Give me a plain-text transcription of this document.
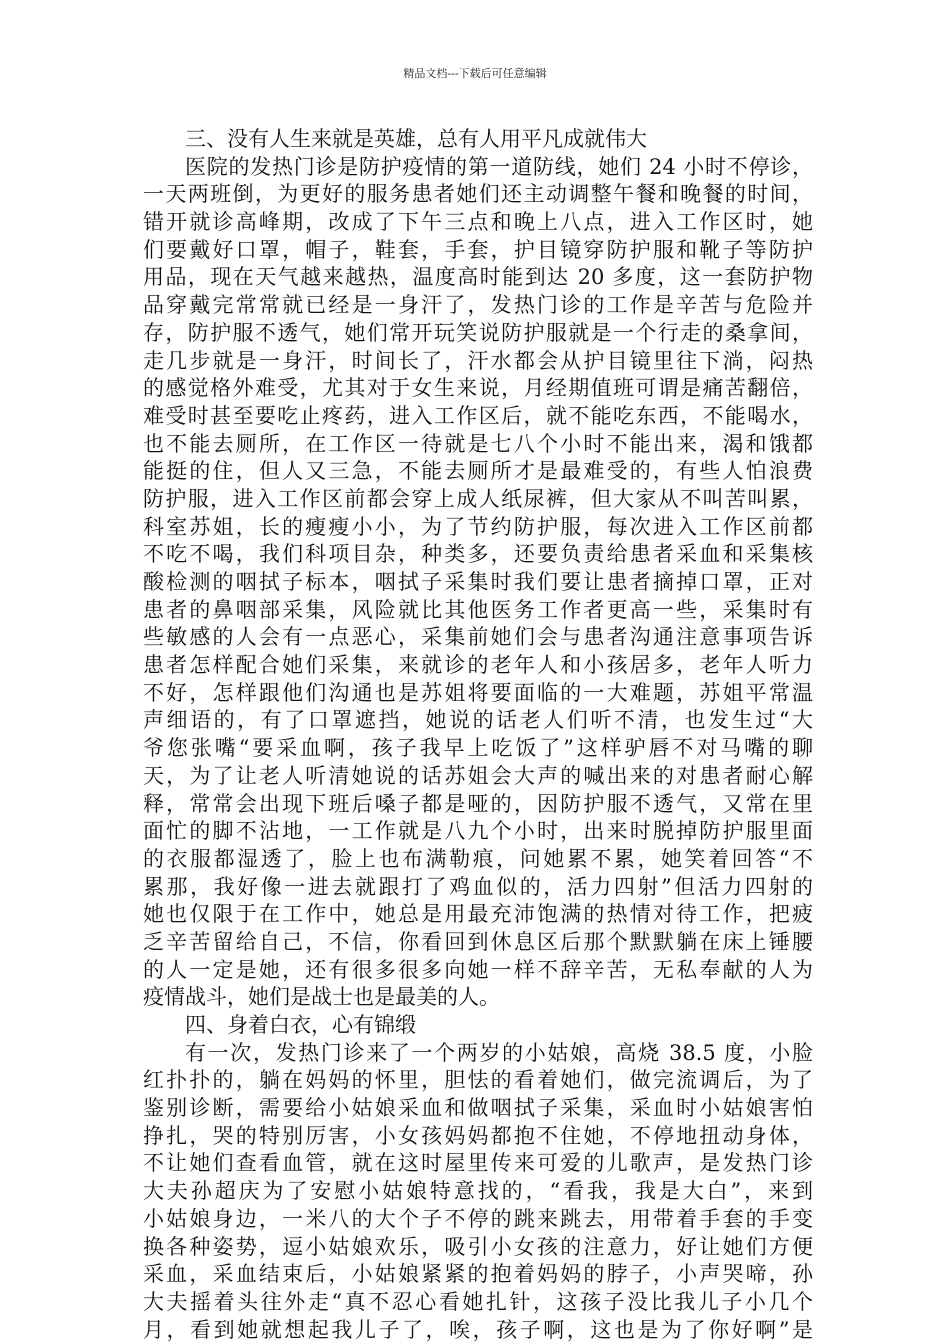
精品文档---下载后可任意编辑
三、没有人生来就是英雄，总有人用平凡成就伟大
医院的发热门诊是防护疫情的第一道防线，她们 24 小时不停诊，
一天两班倒，为更好的服务患者她们还主动调整午餐和晚餐的时间，
错开就诊高峰期，改成了下午三点和晚上八点，进入工作区时，她
们要戴好口罩，帽子，鞋套，手套，护目镜穿防护服和靴子等防护
用品，现在天气越来越热，温度高时能到达 20 多度，这一套防护物
品穿戴完常常就已经是一身汗了，发热门诊的工作是辛苦与危险并
存，防护服不透气，她们常开玩笑说防护服就是一个行走的桑拿间，
走几步就是一身汗，时间长了，汗水都会从护目镜里往下淌，闷热
的感觉格外难受，尤其对于女生来说，月经期值班可谓是痛苦翻倍，
难受时甚至要吃止疼药，进入工作区后，就不能吃东西，不能喝水，
也不能去厕所，在工作区一待就是七八个小时不能出来，渴和饿都
能挺的住，但人又三急，不能去厕所才是最难受的，有些人怕浪费
防护服，进入工作区前都会穿上成人纸尿裤，但大家从不叫苦叫累，
科室苏姐，长的瘦瘦小小，为了节约防护服，每次进入工作区前都
不吃不喝，我们科项目杂，种类多，还要负责给患者采血和采集核
酸检测的咽拭子标本，咽拭子采集时我们要让患者摘掉口罩，正对
患者的鼻咽部采集，风险就比其他医务工作者更高一些，采集时有
些敏感的人会有一点恶心，采集前她们会与患者沟通注意事项告诉
患者怎样配合她们采集，来就诊的老年人和小孩居多，老年人听力
不好，怎样跟他们沟通也是苏姐将要面临的一大难题，苏姐平常温
声细语的，有了口罩遮挡，她说的话老人们听不清，也发生过“大
爷您张嘴“要采血啊，孩子我早上吃饭了”这样驴唇不对马嘴的聊
天，为了让老人听清她说的话苏姐会大声的喊出来的对患者耐心解
释，常常会出现下班后嗓子都是哑的，因防护服不透气，又常在里
面忙的脚不沾地，一工作就是八九个小时，出来时脱掉防护服里面
的衣服都湿透了，脸上也布满勒痕，问她累不累，她笑着回答“不
累那，我好像一进去就跟打了鸡血似的，活力四射”但活力四射的
她也仅限于在工作中，她总是用最充沛饱满的热情对待工作，把疲
乏辛苦留给自己，不信，你看回到休息区后那个默默躺在床上锤腰
的人一定是她，还有很多很多向她一样不辞辛苦，无私奉献的人为
疫情战斗，她们是战士也是最美的人。
四、身着白衣，心有锦缎
有一次，发热门诊来了一个两岁的小姑娘，高烧 38.5 度，小脸
红扑扑的，躺在妈妈的怀里，胆怯的看着她们，做完流调后，为了
鉴别诊断，需要给小姑娘采血和做咽拭子采集，采血时小姑娘害怕
挣扎，哭的特别厉害，小女孩妈妈都抱不住她，不停地扭动身体，
不让她们查看血管，就在这时屋里传来可爱的儿歌声，是发热门诊
大夫孙超庆为了安慰小姑娘特意找的，“看我，我是大白”，来到
小姑娘身边，一米八的大个子不停的跳来跳去，用带着手套的手变
换各种姿势，逗小姑娘欢乐，吸引小女孩的注意力，好让她们方便
采血，采血结束后，小姑娘紧紧的抱着妈妈的脖子，小声哭啼，孙
大夫摇着头往外走“真不忍心看她扎针，这孩子没比我儿子小几个
月，看到她就想起我儿子了，唉，孩子啊，这也是为了你好啊”是
